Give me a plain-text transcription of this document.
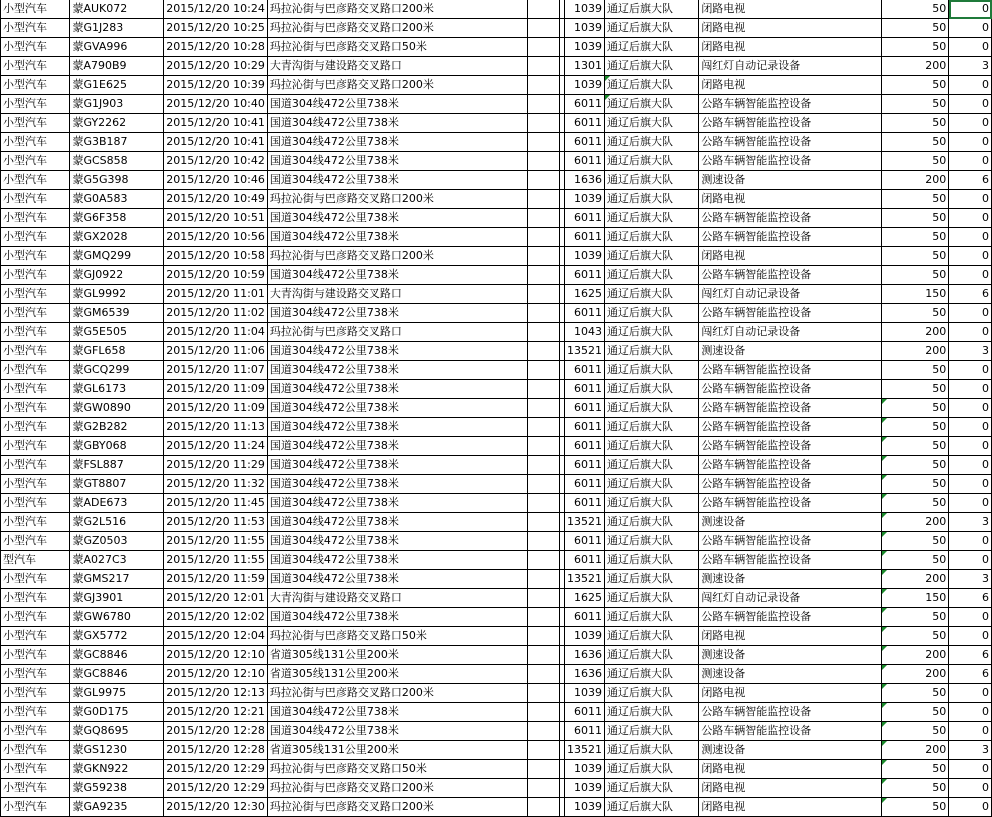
小型汽车	蒙AUK072	2015/12/20 10:24	玛拉沁街与巴彦路交叉路口200米			1039	通辽后旗大队	闭路电视	50	0
小型汽车	蒙G1J283	2015/12/20 10:25	玛拉沁街与巴彦路交叉路口200米			1039	通辽后旗大队	闭路电视	50	0
小型汽车	蒙GVA996	2015/12/20 10:28	玛拉沁街与巴彦路交叉路口50米			1039	通辽后旗大队	闭路电视	50	0
小型汽车	蒙A790B9	2015/12/20 10:29	大青沟街与建设路交叉路口			1301	通辽后旗大队	闯红灯自动记录设备	200	3
小型汽车	蒙G1E625	2015/12/20 10:39	玛拉沁街与巴彦路交叉路口200米			1039	通辽后旗大队	闭路电视	50	0
小型汽车	蒙G1J903	2015/12/20 10:40	国道304线472公里738米			6011	通辽后旗大队	公路车辆智能监控设备	50	0
小型汽车	蒙GY2262	2015/12/20 10:41	国道304线472公里738米			6011	通辽后旗大队	公路车辆智能监控设备	50	0
小型汽车	蒙G3B187	2015/12/20 10:41	国道304线472公里738米			6011	通辽后旗大队	公路车辆智能监控设备	50	0
小型汽车	蒙GCS858	2015/12/20 10:42	国道304线472公里738米			6011	通辽后旗大队	公路车辆智能监控设备	50	0
小型汽车	蒙G5G398	2015/12/20 10:46	国道304线472公里738米			1636	通辽后旗大队	测速设备	200	6
小型汽车	蒙G0A583	2015/12/20 10:49	玛拉沁街与巴彦路交叉路口200米			1039	通辽后旗大队	闭路电视	50	0
小型汽车	蒙G6F358	2015/12/20 10:51	国道304线472公里738米			6011	通辽后旗大队	公路车辆智能监控设备	50	0
小型汽车	蒙GX2028	2015/12/20 10:56	国道304线472公里738米			6011	通辽后旗大队	公路车辆智能监控设备	50	0
小型汽车	蒙GMQ299	2015/12/20 10:58	玛拉沁街与巴彦路交叉路口200米			1039	通辽后旗大队	闭路电视	50	0
小型汽车	蒙GJ0922	2015/12/20 10:59	国道304线472公里738米			6011	通辽后旗大队	公路车辆智能监控设备	50	0
小型汽车	蒙GL9992	2015/12/20 11:01	大青沟街与建设路交叉路口			1625	通辽后旗大队	闯红灯自动记录设备	150	6
小型汽车	蒙GM6539	2015/12/20 11:02	国道304线472公里738米			6011	通辽后旗大队	公路车辆智能监控设备	50	0
小型汽车	蒙G5E505	2015/12/20 11:04	玛拉沁街与巴彦路交叉路口			1043	通辽后旗大队	闯红灯自动记录设备	200	0
小型汽车	蒙GFL658	2015/12/20 11:06	国道304线472公里738米			13521	通辽后旗大队	测速设备	200	3
小型汽车	蒙GCQ299	2015/12/20 11:07	国道304线472公里738米			6011	通辽后旗大队	公路车辆智能监控设备	50	0
小型汽车	蒙GL6173	2015/12/20 11:09	国道304线472公里738米			6011	通辽后旗大队	公路车辆智能监控设备	50	0
小型汽车	蒙GW0890	2015/12/20 11:09	国道304线472公里738米			6011	通辽后旗大队	公路车辆智能监控设备	50	0
小型汽车	蒙G2B282	2015/12/20 11:13	国道304线472公里738米			6011	通辽后旗大队	公路车辆智能监控设备	50	0
小型汽车	蒙GBY068	2015/12/20 11:24	国道304线472公里738米			6011	通辽后旗大队	公路车辆智能监控设备	50	0
小型汽车	蒙FSL887	2015/12/20 11:29	国道304线472公里738米			6011	通辽后旗大队	公路车辆智能监控设备	50	0
小型汽车	蒙GT8807	2015/12/20 11:32	国道304线472公里738米			6011	通辽后旗大队	公路车辆智能监控设备	50	0
小型汽车	蒙ADE673	2015/12/20 11:45	国道304线472公里738米			6011	通辽后旗大队	公路车辆智能监控设备	50	0
小型汽车	蒙G2L516	2015/12/20 11:53	国道304线472公里738米			13521	通辽后旗大队	测速设备	200	3
小型汽车	蒙GZ0503	2015/12/20 11:55	国道304线472公里738米			6011	通辽后旗大队	公路车辆智能监控设备	50	0
型汽车	蒙A027C3	2015/12/20 11:55	国道304线472公里738米			6011	通辽后旗大队	公路车辆智能监控设备	50	0
小型汽车	蒙GMS217	2015/12/20 11:59	国道304线472公里738米			13521	通辽后旗大队	测速设备	200	3
小型汽车	蒙GJ3901	2015/12/20 12:01	大青沟街与建设路交叉路口			1625	通辽后旗大队	闯红灯自动记录设备	150	6
小型汽车	蒙GW6780	2015/12/20 12:02	国道304线472公里738米			6011	通辽后旗大队	公路车辆智能监控设备	50	0
小型汽车	蒙GX5772	2015/12/20 12:04	玛拉沁街与巴彦路交叉路口50米			1039	通辽后旗大队	闭路电视	50	0
小型汽车	蒙GC8846	2015/12/20 12:10	省道305线131公里200米			1636	通辽后旗大队	测速设备	200	6
小型汽车	蒙GC8846	2015/12/20 12:10	省道305线131公里200米			1636	通辽后旗大队	测速设备	200	6
小型汽车	蒙GL9975	2015/12/20 12:13	玛拉沁街与巴彦路交叉路口200米			1039	通辽后旗大队	闭路电视	50	0
小型汽车	蒙G0D175	2015/12/20 12:21	国道304线472公里738米			6011	通辽后旗大队	公路车辆智能监控设备	50	0
小型汽车	蒙GQ8695	2015/12/20 12:28	国道304线472公里738米			6011	通辽后旗大队	公路车辆智能监控设备	50	0
小型汽车	蒙GS1230	2015/12/20 12:28	省道305线131公里200米			13521	通辽后旗大队	测速设备	200	3
小型汽车	蒙GKN922	2015/12/20 12:29	玛拉沁街与巴彦路交叉路口50米			1039	通辽后旗大队	闭路电视	50	0
小型汽车	蒙G59238	2015/12/20 12:29	玛拉沁街与巴彦路交叉路口200米			1039	通辽后旗大队	闭路电视	50	0
小型汽车	蒙GA9235	2015/12/20 12:30	玛拉沁街与巴彦路交叉路口200米			1039	通辽后旗大队	闭路电视	50	0
